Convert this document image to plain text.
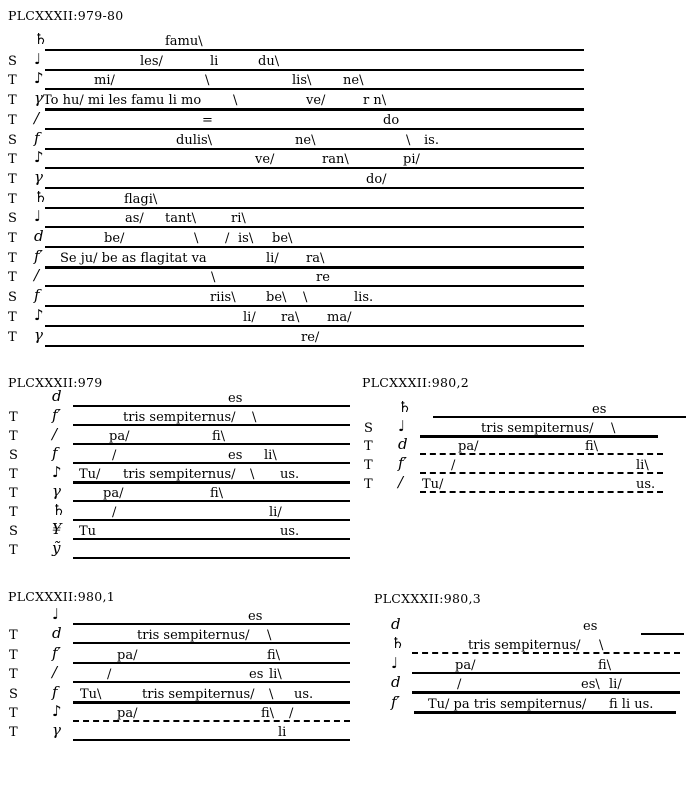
PLCXXXII:979-80
PLCXXXII:979	PLCXXXII:980,2
PLCXXXII:980,1	PLCXXXII:980,3
♄	famu\
S ♩	les/	li	du\
T ♪	mi/	\	lis\ ne\
T γ To hu/ mi les famu li mo \	ve/	r n\
T /	=	do
S f	dulis\	ne\	\ is.
T ♪	ve/	ran\	pi/
T γ	do/
T ♄	flagi\
S ♩	as/ tant\	ri\
T d	be/	\ / is\ be\
T f′ Se ju/ be as flagitat va	li/ ra\
T /	\	re
S f	riis\ be\ \	lis.
T ♪	li/ ra\ ma/
T γ	re/
d	es
T f′	tris sempiternus/ \
T /	pa/	fi\
S f	/	es li\
T ♪ Tu/ tris sempiternus/ \ us.
T γ	pa/	fi\
T ♄	/	li/
S ¥ Tu	us.
T ỹ
♄	es
S ♩	tris sempiternus/ \
T d	pa/	fi\
T f′	/	li\
T / Tu/	us.
♩	es
T d	tris sempiternus/ \
T f′	pa/	fi\
T /	/	es li\
S f Tu\	tris sempiternus/ \ us.
T ♪	pa/	fi\ /
T γ	li
d	es
♄	tris sempiternus/ \
♩	pa/	fi\
d	/	es\ li/
f′ Tu/ pa tris sempiternus/ fi li us.
